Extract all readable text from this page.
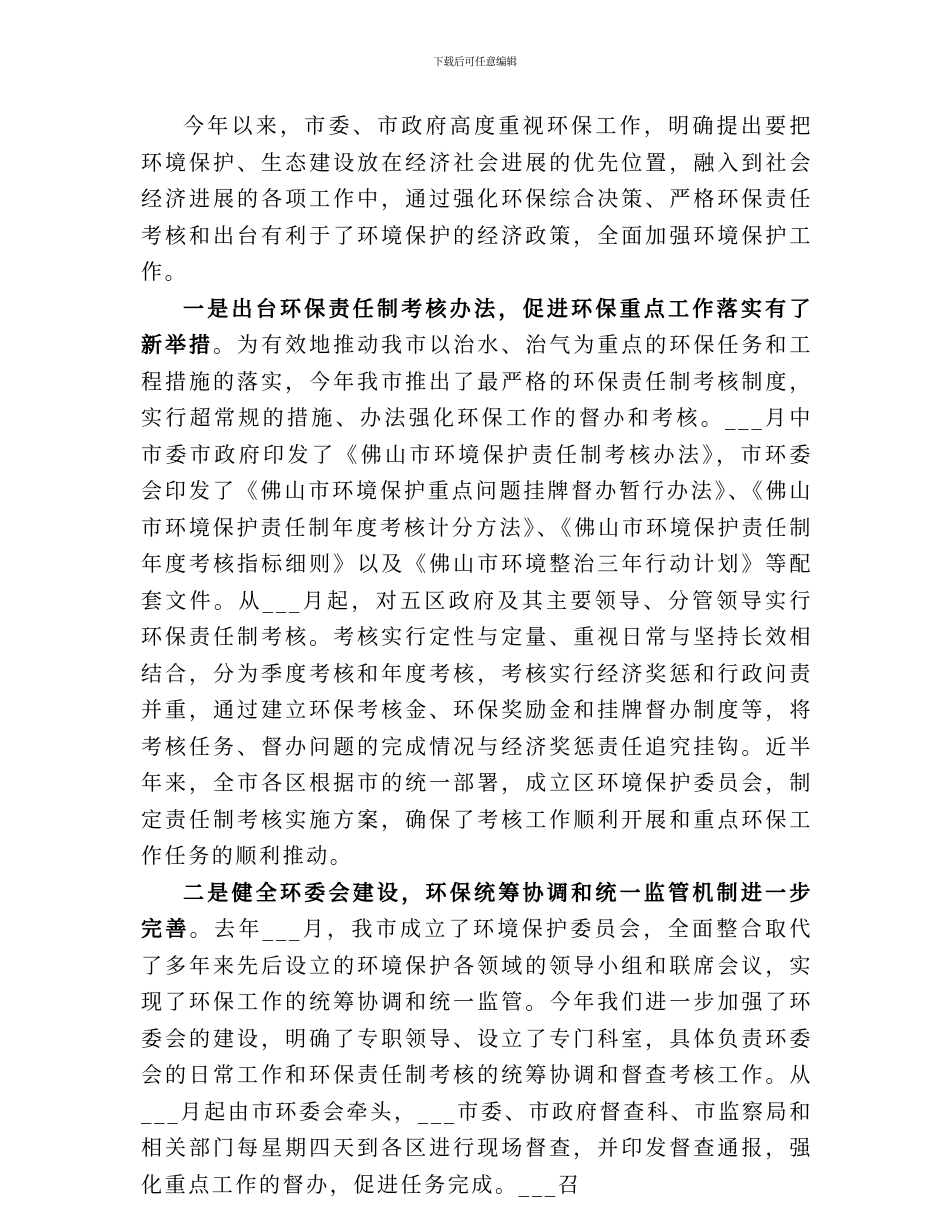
下载后可任意编辑

今年以来，市委、市政府高度重视环保工作，明确提出要把环境保护、生态建设放在经济社会进展的优先位置，融入到社会经济进展的各项工作中，通过强化环保综合决策、严格环保责任考核和出台有利于了环境保护的经济政策，全面加强环境保护工作。

一是出台环保责任制考核办法，促进环保重点工作落实有了新举措。为有效地推动我市以治水、治气为重点的环保任务和工程措施的落实，今年我市推出了最严格的环保责任制考核制度，实行超常规的措施、办法强化环保工作的督办和考核。___月中市委市政府印发了《佛山市环境保护责任制考核办法》，市环委会印发了《佛山市环境保护重点问题挂牌督办暂行办法》、《佛山市环境保护责任制年度考核计分方法》、《佛山市环境保护责任制年度考核指标细则》以及《佛山市环境整治三年行动计划》等配套文件。从___月起，对五区政府及其主要领导、分管领导实行环保责任制考核。考核实行定性与定量、重视日常与坚持长效相结合，分为季度考核和年度考核，考核实行经济奖惩和行政问责并重，通过建立环保考核金、环保奖励金和挂牌督办制度等，将考核任务、督办问题的完成情况与经济奖惩责任追究挂钩。近半年来，全市各区根据市的统一部署，成立区环境保护委员会，制定责任制考核实施方案，确保了考核工作顺利开展和重点环保工作任务的顺利推动。

二是健全环委会建设，环保统筹协调和统一监管机制进一步完善。去年___月，我市成立了环境保护委员会，全面整合取代了多年来先后设立的环境保护各领域的领导小组和联席会议，实现了环保工作的统筹协调和统一监管。今年我们进一步加强了环委会的建设，明确了专职领导、设立了专门科室，具体负责环委会的日常工作和环保责任制考核的统筹协调和督查考核工作。从___月起由市环委会牵头，___市委、市政府督查科、市监察局和相关部门每星期四天到各区进行现场督查，并印发督查通报，强化重点工作的督办，促进任务完成。___召
